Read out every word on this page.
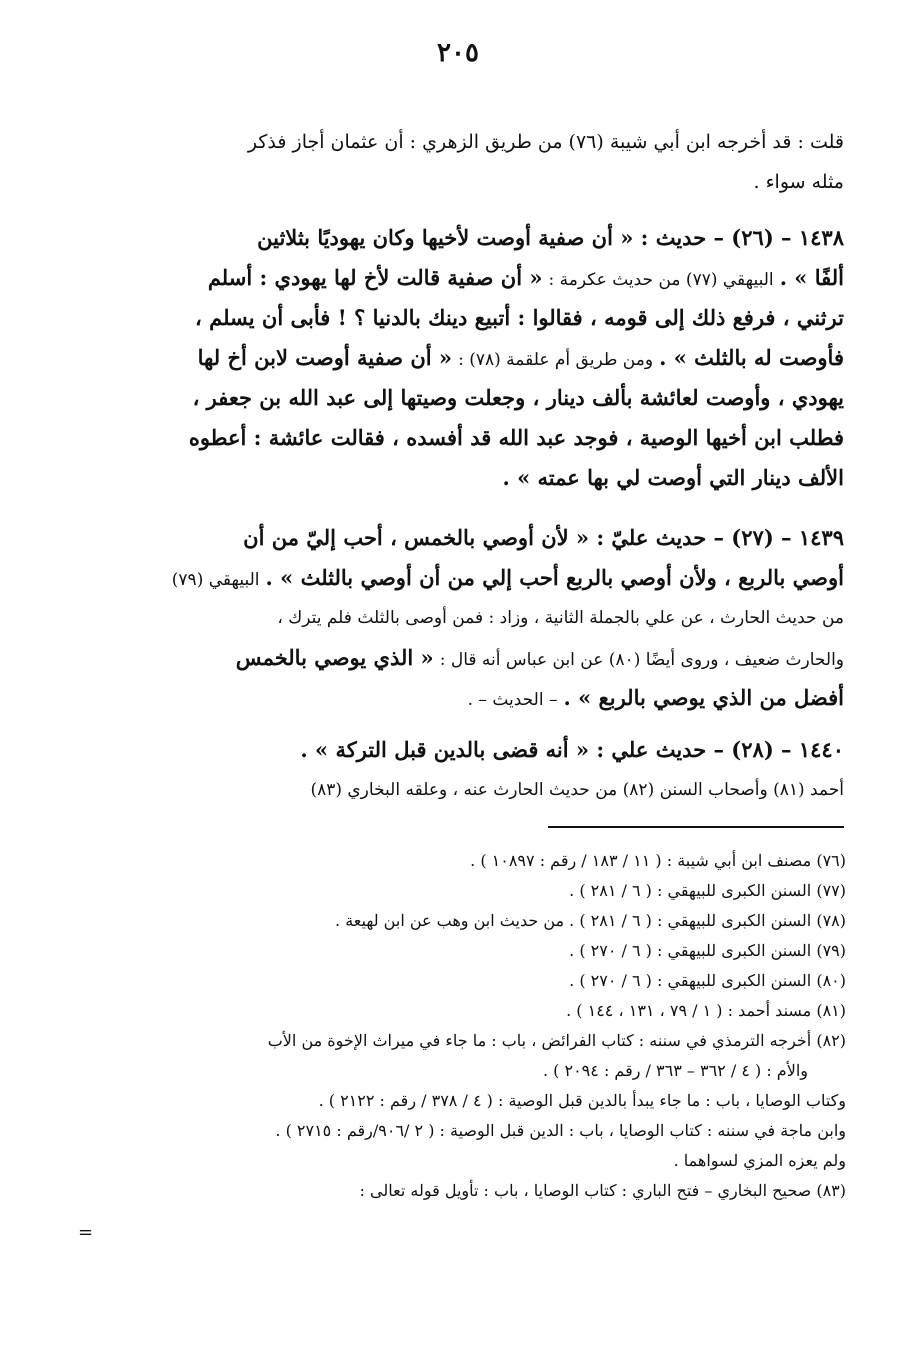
٢٠٥
قلت : قد أخرجه ابن أبي شيبة (٧٦) من طريق الزهري : أن عثمان أجاز فذكر
مثله سواء .
١٤٣٨ – (٢٦) – حديث : « أن صفية أوصت لأخيها وكان يهوديًا بثلاثين
ألفًا » . البيهقي (٧٧) من حديث عكرمة : « أن صفية قالت لأخ لها يهودي : أسلم
ترثني ، فرفع ذلك إلى قومه ، فقالوا : أتبيع دينك بالدنيا ؟ ! فأبى أن يسلم ،
فأوصت له بالثلث » . ومن طريق أم علقمة (٧٨) : « أن صفية أوصت لابن أخ لها
يهودي ، وأوصت لعائشة بألف دينار ، وجعلت وصيتها إلى عبد الله بن جعفر ،
فطلب ابن أخيها الوصية ، فوجد عبد الله قد أفسده ، فقالت عائشة : أعطوه
الألف دينار التي أوصت لي بها عمته » .
١٤٣٩ – (٢٧) – حديث عليّ : « لأن أوصي بالخمس ، أحب إليّ من أن
أوصي بالربع ، ولأن أوصي بالربع أحب إلي من أن أوصي بالثلث » . البيهقي (٧٩)
من حديث الحارث ، عن علي بالجملة الثانية ، وزاد : فمن أوصى بالثلث فلم يترك ،
والحارث ضعيف ، وروى أيضًا (٨٠) عن ابن عباس أنه قال : « الذي يوصي بالخمس
أفضل من الذي يوصي بالربع » . – الحديث – .
١٤٤٠ – (٢٨) – حديث علي : « أنه قضى بالدين قبل التركة » .
أحمد (٨١) وأصحاب السنن (٨٢) من حديث الحارث عنه ، وعلقه البخاري (٨٣)
(٧٦) مصنف ابن أبي شيبة : ( ١١ / ١٨٣ / رقم : ١٠٨٩٧ ) .
(٧٧) السنن الكبرى للبيهقي : ( ٦ / ٢٨١ ) .
(٧٨) السنن الكبرى للبيهقي : ( ٦ / ٢٨١ ) . من حديث ابن وهب عن ابن لهيعة .
(٧٩) السنن الكبرى للبيهقي : ( ٦ / ٢٧٠ ) .
(٨٠) السنن الكبرى للبيهقي : ( ٦ / ٢٧٠ ) .
(٨١) مسند أحمد : ( ١ / ٧٩ ، ١٣١ ، ١٤٤ ) .
(٨٢) أخرجه الترمذي في سننه : كتاب الفرائض ، باب : ما جاء في ميراث الإخوة من الأب
والأم : ( ٤ / ٣٦٢ – ٣٦٣ / رقم : ٢٠٩٤ ) .
وكتاب الوصايا ، باب : ما جاء يبدأ بالدين قبل الوصية : ( ٤ / ٣٧٨ / رقم : ٢١٢٢ ) .
وابن ماجة في سننه : كتاب الوصايا ، باب : الدين قبل الوصية : ( ٢ /٩٠٦/رقم : ٢٧١٥ ) .
ولم يعزه المزي لسواهما .
(٨٣) صحيح البخاري – فتح الباري : كتاب الوصايا ، باب : تأويل قوله تعالى :
=
